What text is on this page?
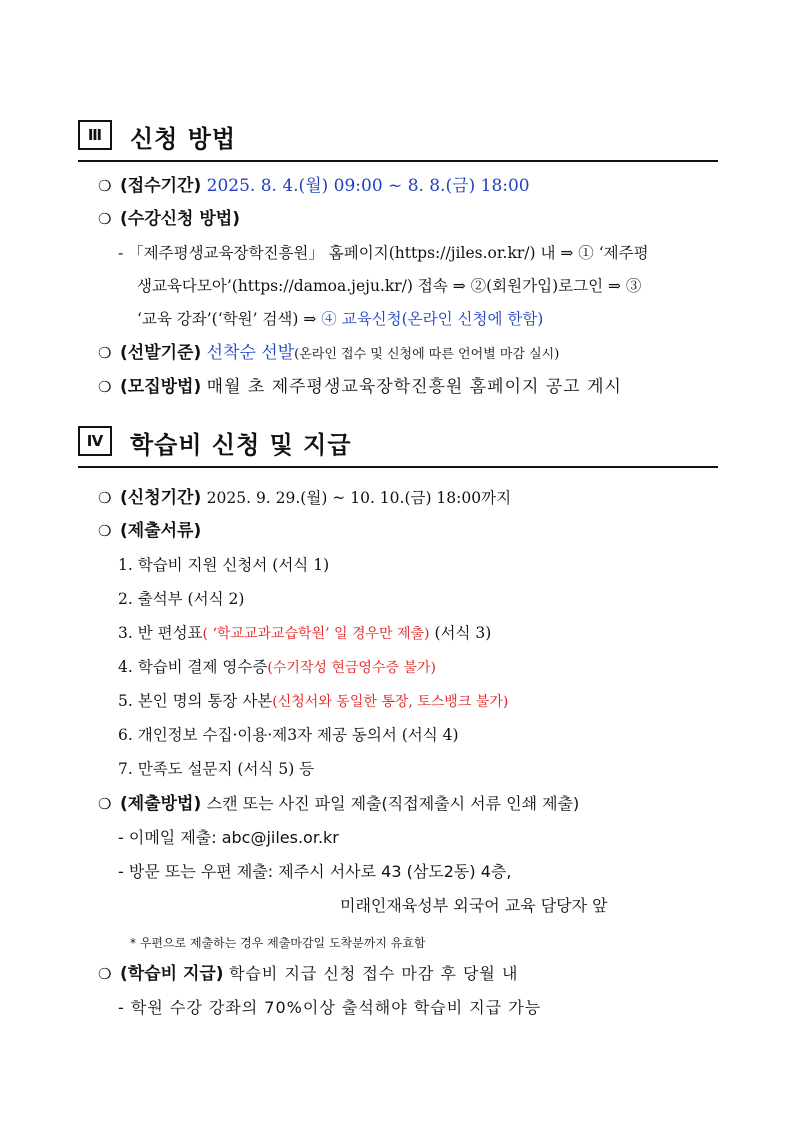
Ⅲ	신청 방법
❍ (접수기간) 2025. 8. 4.(월) 09:00 ~ 8. 8.(금) 18:00
❍ (수강신청 방법)
- 「제주평생교육장학진흥원」 홈페이지(https://jiles.or.kr/) 내 ⇒ ① ‘제주평
생교육다모아’(https://damoa.jeju.kr/) 접속 ⇒ ②(회원가입)로그인 ⇒ ③
‘교육 강좌’(‘학원’ 검색) ⇒ ④ 교육신청(온라인 신청에 한함)
❍ (선발기준) 선착순 선발(온라인 접수 및 신청에 따른 언어별 마감 실시)
❍ (모집방법) 매월 초 제주평생교육장학진흥원 홈페이지 공고 게시
Ⅳ	학습비 신청 및 지급
❍ (신청기간) 2025. 9. 29.(월) ~ 10. 10.(금) 18:00까지
❍ (제출서류)
1. 학습비 지원 신청서 (서식 1)
2. 출석부 (서식 2)
3. 반 편성표( ‘학교교과교습학원’ 일 경우만 제출) (서식 3)
4. 학습비 결제 영수증(수기작성 현금영수증 불가)
5. 본인 명의 통장 사본(신청서와 동일한 통장, 토스뱅크 불가)
6. 개인정보 수집·이용·제3자 제공 동의서 (서식 4)
7. 만족도 설문지 (서식 5) 등
❍ (제출방법) 스캔 또는 사진 파일 제출(직접제출시 서류 인쇄 제출)
- 이메일 제출: abc@jiles.or.kr
- 방문 또는 우편 제출: 제주시 서사로 43 (삼도2동) 4층,
미래인재육성부 외국어 교육 담당자 앞
* 우편으로 제출하는 경우 제출마감일 도착분까지 유효함
❍ (학습비 지급) 학습비 지급 신청 접수 마감 후 당월 내
- 학원 수강 강좌의 70%이상 출석해야 학습비 지급 가능
